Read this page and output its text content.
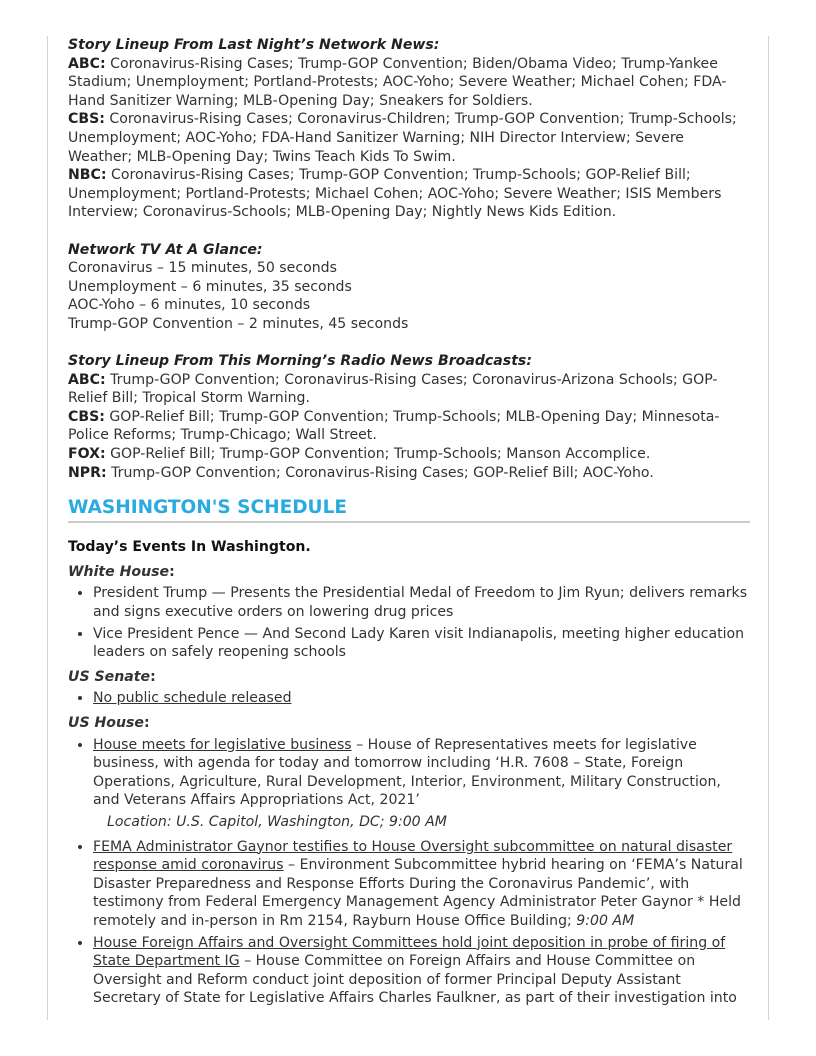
Story Lineup From Last Night’s Network News:
ABC: Coronavirus-Rising Cases; Trump-GOP Convention; Biden/Obama Video; Trump-Yankee Stadium; Unemployment; Portland-Protests; AOC-Yoho; Severe Weather; Michael Cohen; FDA-Hand Sanitizer Warning; MLB-Opening Day; Sneakers for Soldiers.
CBS: Coronavirus-Rising Cases; Coronavirus-Children; Trump-GOP Convention; Trump-Schools; Unemployment; AOC-Yoho; FDA-Hand Sanitizer Warning; NIH Director Interview; Severe Weather; MLB-Opening Day; Twins Teach Kids To Swim.
NBC: Coronavirus-Rising Cases; Trump-GOP Convention; Trump-Schools; GOP-Relief Bill; Unemployment; Portland-Protests; Michael Cohen; AOC-Yoho; Severe Weather; ISIS Members Interview; Coronavirus-Schools; MLB-Opening Day; Nightly News Kids Edition.
Network TV At A Glance:
Coronavirus – 15 minutes, 50 seconds
Unemployment – 6 minutes, 35 seconds
AOC-Yoho – 6 minutes, 10 seconds
Trump-GOP Convention – 2 minutes, 45 seconds
Story Lineup From This Morning’s Radio News Broadcasts:
ABC: Trump-GOP Convention; Coronavirus-Rising Cases; Coronavirus-Arizona Schools; GOP-Relief Bill; Tropical Storm Warning.
CBS: GOP-Relief Bill; Trump-GOP Convention; Trump-Schools; MLB-Opening Day; Minnesota-Police Reforms; Trump-Chicago; Wall Street.
FOX: GOP-Relief Bill; Trump-GOP Convention; Trump-Schools; Manson Accomplice.
NPR: Trump-GOP Convention; Coronavirus-Rising Cases; GOP-Relief Bill; AOC-Yoho.
WASHINGTON'S SCHEDULE
Today’s Events In Washington.
White House:
• President Trump — Presents the Presidential Medal of Freedom to Jim Ryun; delivers remarks and signs executive orders on lowering drug prices
• Vice President Pence — And Second Lady Karen visit Indianapolis, meeting higher education leaders on safely reopening schools
US Senate:
• No public schedule released
US House:
• House meets for legislative business – House of Representatives meets for legislative business, with agenda for today and tomorrow including ‘H.R. 7608 – State, Foreign Operations, Agriculture, Rural Development, Interior, Environment, Military Construction, and Veterans Affairs Appropriations Act, 2021’
Location: U.S. Capitol, Washington, DC; 9:00 AM
• FEMA Administrator Gaynor testifies to House Oversight subcommittee on natural disaster response amid coronavirus – Environment Subcommittee hybrid hearing on ‘FEMA’s Natural Disaster Preparedness and Response Efforts During the Coronavirus Pandemic’, with testimony from Federal Emergency Management Agency Administrator Peter Gaynor * Held remotely and in-person in Rm 2154, Rayburn House Office Building; 9:00 AM
• House Foreign Affairs and Oversight Committees hold joint deposition in probe of firing of State Department IG – House Committee on Foreign Affairs and House Committee on Oversight and Reform conduct joint deposition of former Principal Deputy Assistant Secretary of State for Legislative Affairs Charles Faulkner, as part of their investigation into
